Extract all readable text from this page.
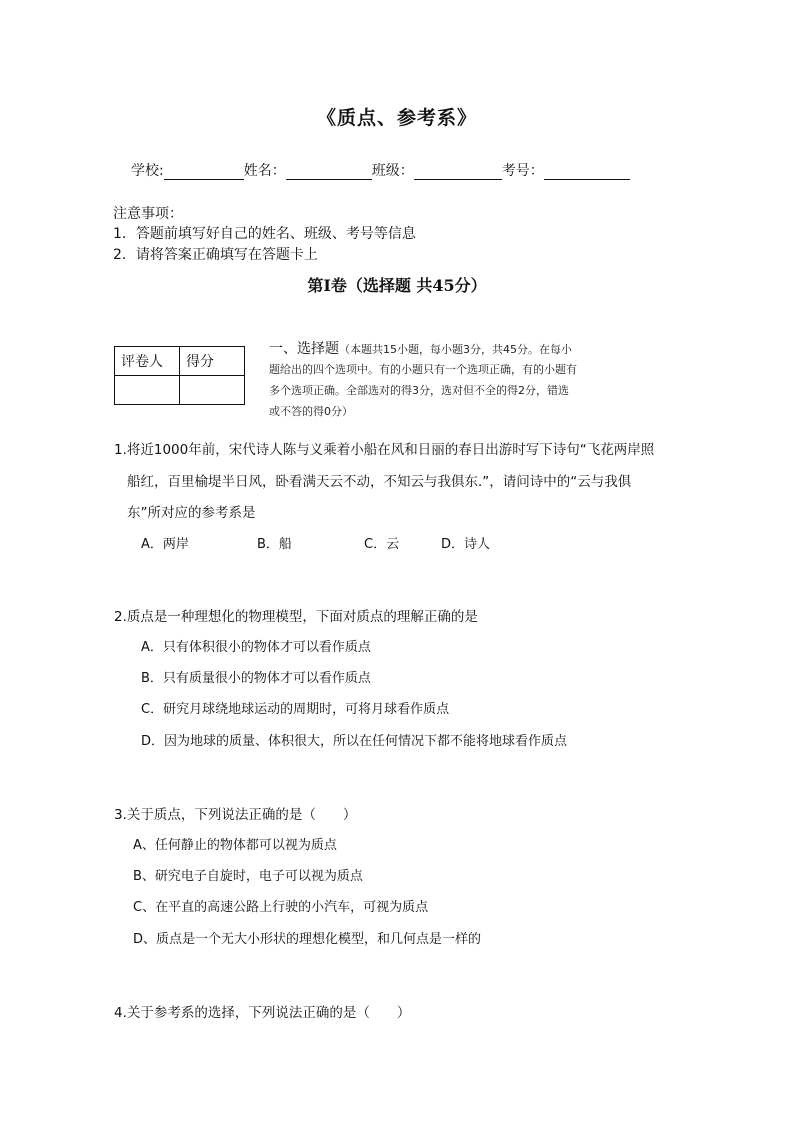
《质点、参考系》
学校:	姓名：	班级：	考号：
注意事项：
1．答题前填写好自己的姓名、班级、考号等信息
2．请将答案正确填写在答题卡上
第I卷（选择题 共45分）
评卷人	得分

一、选择题（本题共15小题，每小题3分，共45分。在每小
题给出的四个选项中。有的小题只有一个选项正确，有的小题有
多个选项正确。全部选对的得3分，选对但不全的得2分，错选
或不答的得0分）
1.将近1000年前，宋代诗人陈与义乘着小船在风和日丽的春日出游时写下诗句“飞花两岸照
船红，百里榆堤半日风，卧看满天云不动，不知云与我俱东.”，请问诗中的“云与我俱
东”所对应的参考系是
A．两岸	B．船	C．云	D．诗人
2.质点是一种理想化的物理模型，下面对质点的理解正确的是
A．只有体积很小的物体才可以看作质点
B．只有质量很小的物体才可以看作质点
C．研究月球绕地球运动的周期时，可将月球看作质点
D．因为地球的质量、体积很大，所以在任何情况下都不能将地球看作质点
3.关于质点，下列说法正确的是（　　）
A、任何静止的物体都可以视为质点
B、研究电子自旋时，电子可以视为质点
C、在平直的高速公路上行驶的小汽车，可视为质点
D、质点是一个无大小形状的理想化模型，和几何点是一样的
4.关于参考系的选择，下列说法正确的是（　　）
